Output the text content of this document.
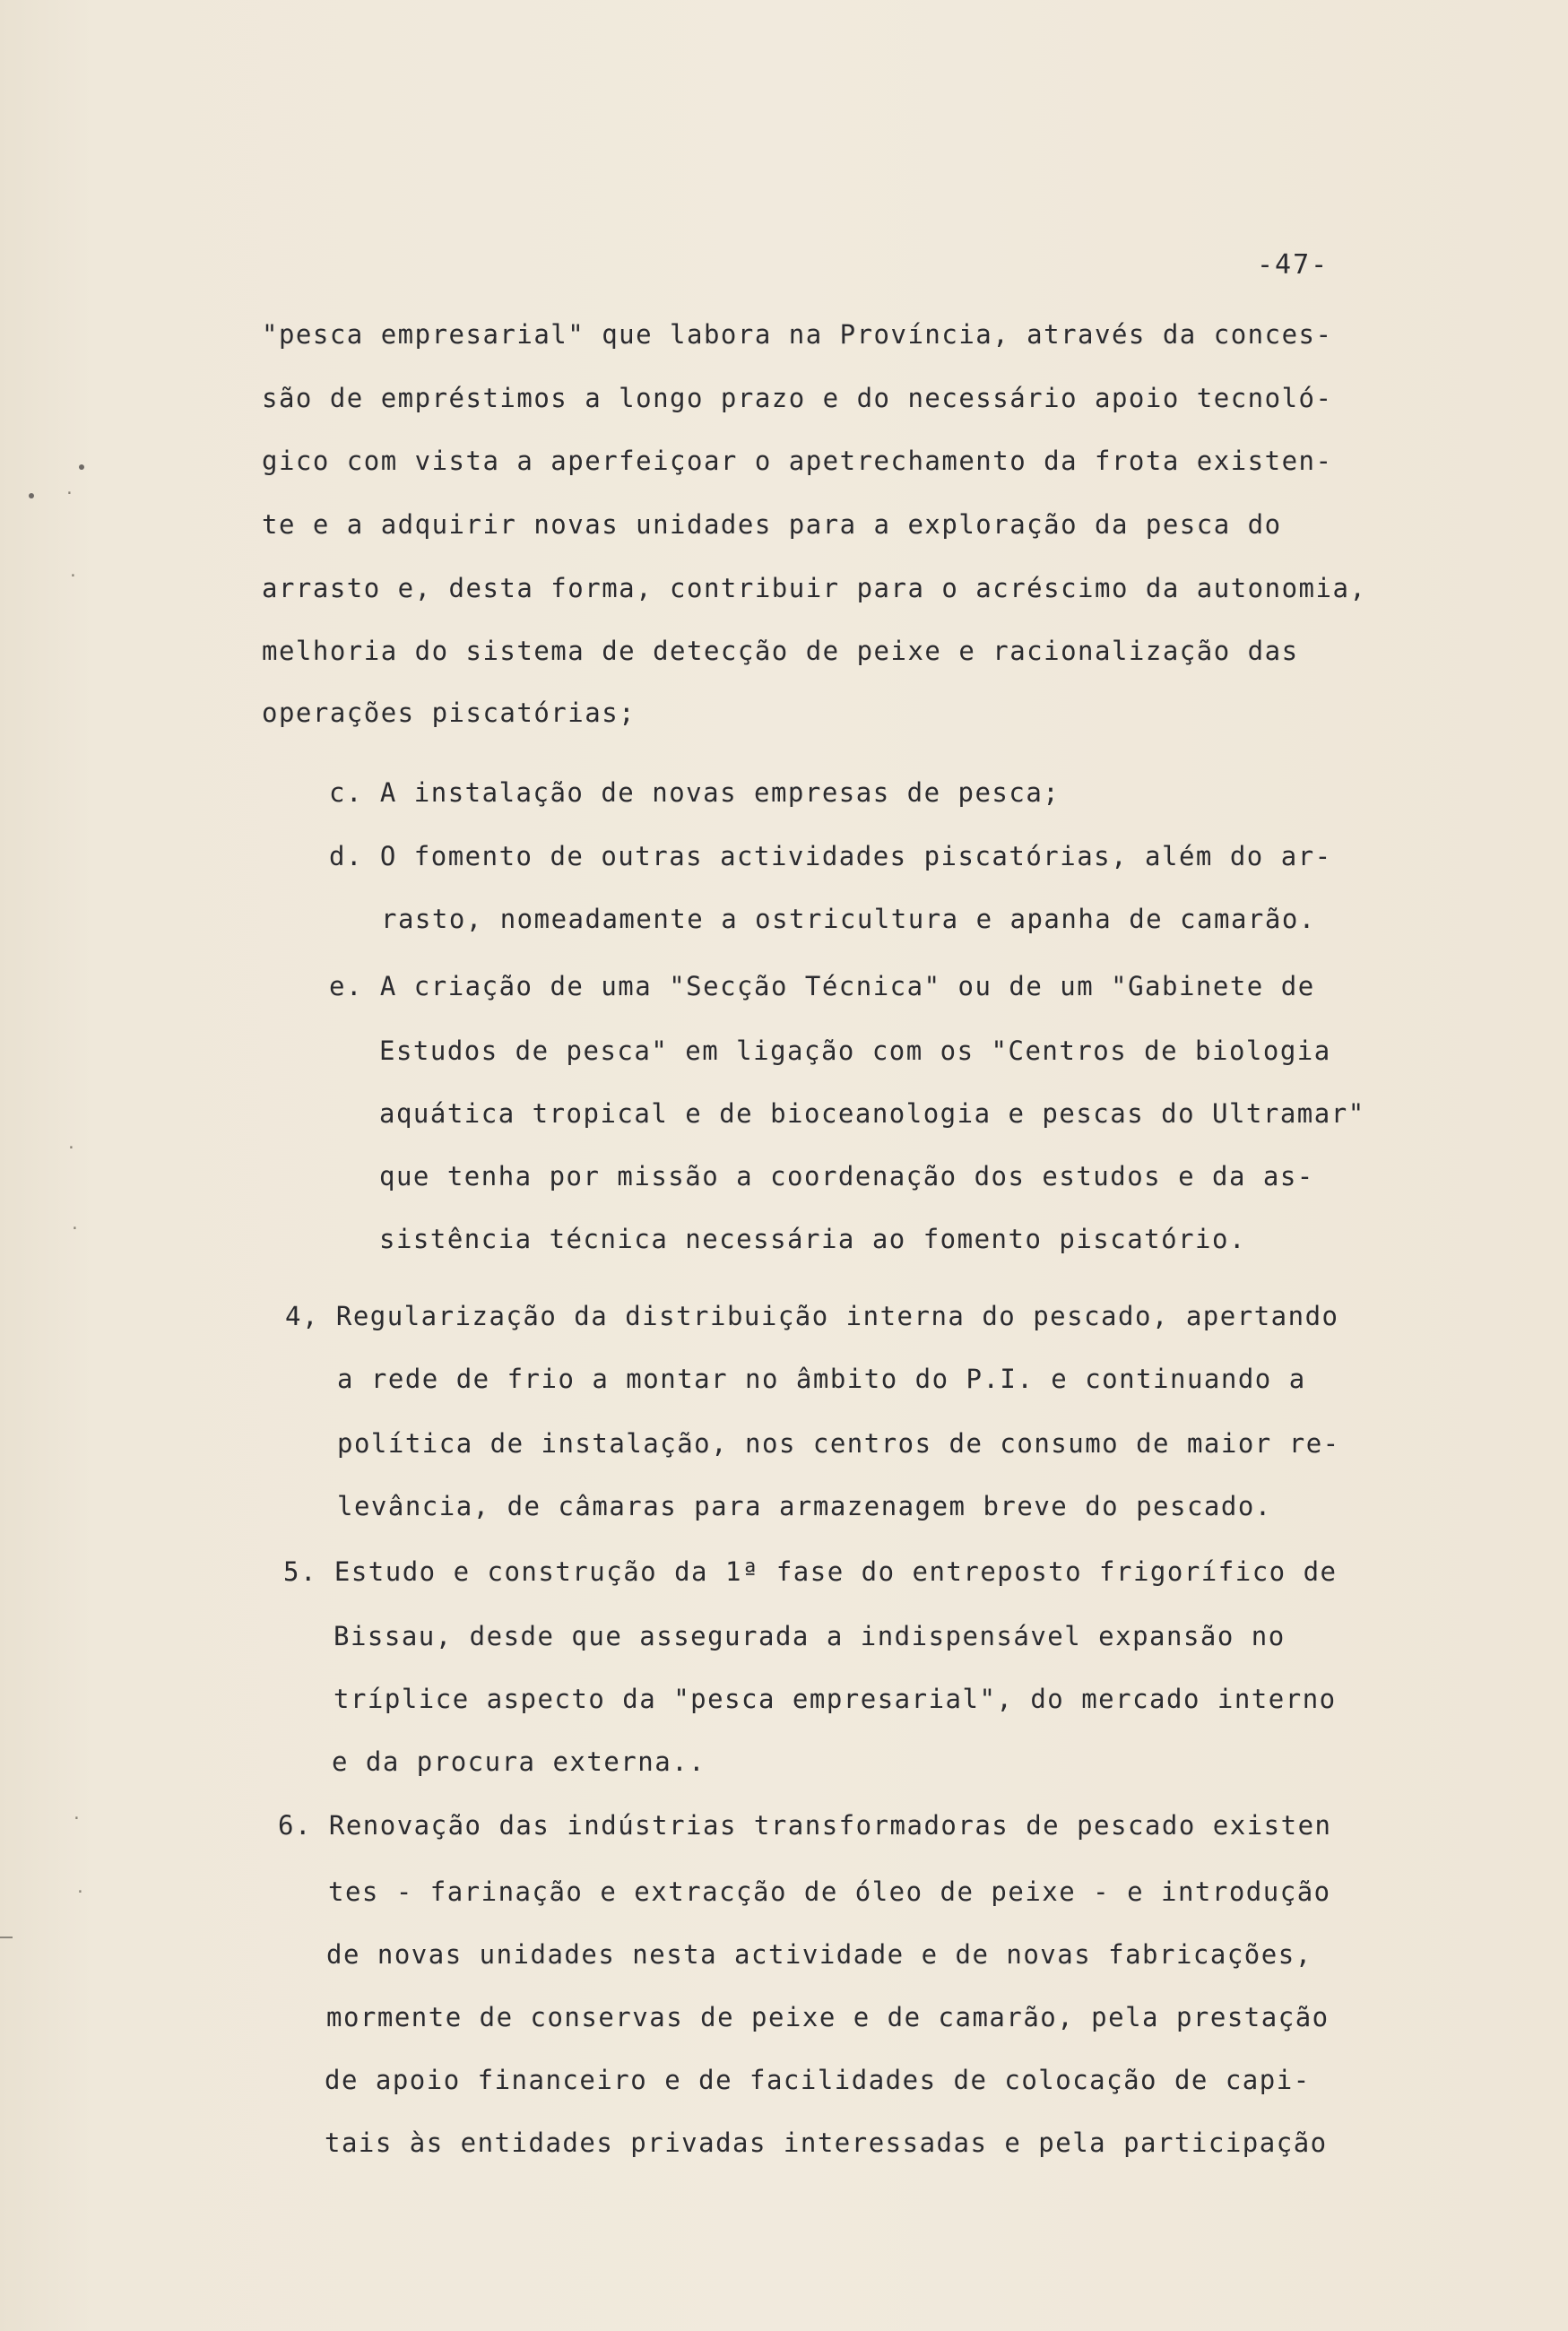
-47-
"pesca empresarial" que labora na Província, através da conces-
são de empréstimos a longo prazo e do necessário apoio tecnoló-
gico com vista a aperfeiçoar o apetrechamento da frota existen-
te e a adquirir novas unidades para a exploração da pesca do
arrasto e, desta forma, contribuir para o acréscimo da autonomia,
melhoria do sistema de detecção de peixe e racionalização das
operações piscatórias;
c. A instalação de novas empresas de pesca;
d. O fomento de outras actividades piscatórias, além do ar-
rasto, nomeadamente a ostricultura e apanha de camarão.
e. A criação de uma "Secção Técnica" ou de um "Gabinete de
Estudos de pesca" em ligação com os "Centros de biologia
aquática tropical e de bioceanologia e pescas do Ultramar"
que tenha por missão a coordenação dos estudos e da as-
sistência técnica necessária ao fomento piscatório.
4, Regularização da distribuição interna do pescado, apertando
a rede de frio a montar no âmbito do P.I. e continuando a
política de instalação, nos centros de consumo de maior re-
levância, de câmaras para armazenagem breve do pescado.
5. Estudo e construção da 1ª fase do entreposto frigorífico de
Bissau, desde que assegurada a indispensável expansão no
tríplice aspecto da "pesca empresarial", do mercado interno
e da procura externa..
6. Renovação das indústrias transformadoras de pescado existen
tes - farinação e extracção de óleo de peixe - e introdução
de novas unidades nesta actividade e de novas fabricações,
mormente de conservas de peixe e de camarão, pela prestação
de apoio financeiro e de facilidades de colocação de capi-
tais às entidades privadas interessadas e pela participação
·
·
·
·
·
·
